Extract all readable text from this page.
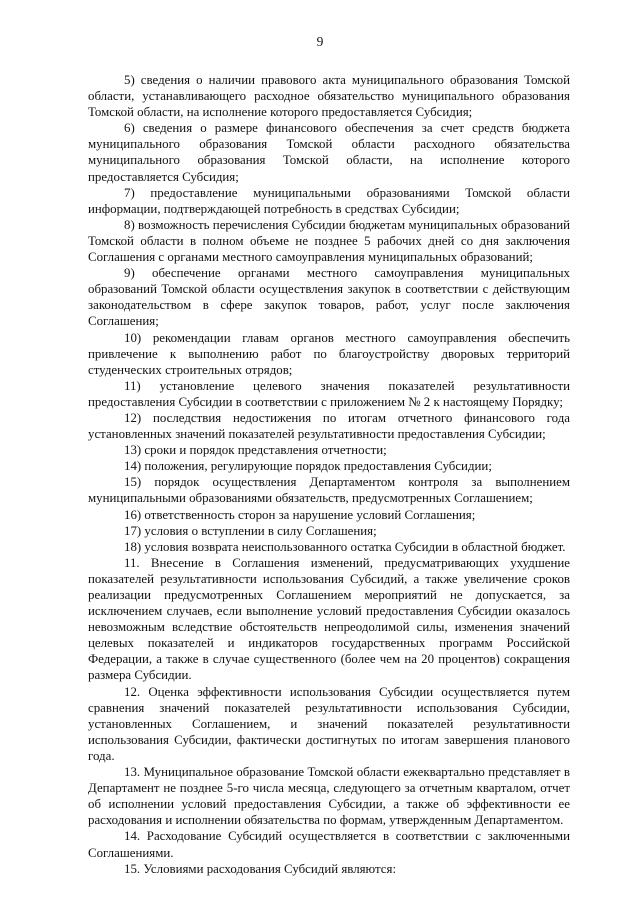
9

5) сведения о наличии правового акта муниципального образования Томской области, устанавливающего расходное обязательство муниципального образования Томской области, на исполнение которого предоставляется Субсидия;

6) сведения о размере финансового обеспечения за счет средств бюджета муниципального образования Томской области расходного обязательства муниципального образования Томской области, на исполнение которого предоставляется Субсидия;

7) предоставление муниципальными образованиями Томской области информации, подтверждающей потребность в средствах Субсидии;

8) возможность перечисления Субсидии бюджетам муниципальных образований Томской области в полном объеме не позднее 5 рабочих дней со дня заключения Соглашения с органами местного самоуправления муниципальных образований;

9) обеспечение органами местного самоуправления муниципальных образований Томской области осуществления закупок в соответствии с действующим законодательством в сфере закупок товаров, работ, услуг после заключения Соглашения;

10) рекомендации главам органов местного самоуправления обеспечить привлечение к выполнению работ по благоустройству дворовых территорий студенческих строительных отрядов;

11) установление целевого значения показателей результативности предоставления Субсидии в соответствии с приложением № 2 к настоящему Порядку;

12) последствия недостижения по итогам отчетного финансового года установленных значений показателей результативности предоставления Субсидии;

13) сроки и порядок представления отчетности;

14) положения, регулирующие порядок предоставления Субсидии;

15) порядок осуществления Департаментом контроля за выполнением муниципальными образованиями обязательств, предусмотренных Соглашением;

16) ответственность сторон за нарушение условий Соглашения;

17) условия о вступлении в силу Соглашения;

18) условия возврата неиспользованного остатка Субсидии в областной бюджет.

11. Внесение в Соглашения изменений, предусматривающих ухудшение показателей результативности использования Субсидий, а также увеличение сроков реализации предусмотренных Соглашением мероприятий не допускается, за исключением случаев, если выполнение условий предоставления Субсидии оказалось невозможным вследствие обстоятельств непреодолимой силы, изменения значений целевых показателей и индикаторов государственных программ Российской Федерации, а также в случае существенного (более чем на 20 процентов) сокращения размера Субсидии.

12. Оценка эффективности использования Субсидии осуществляется путем сравнения значений показателей результативности использования Субсидии, установленных Соглашением, и значений показателей результативности использования Субсидии, фактически достигнутых по итогам завершения планового года.

13. Муниципальное образование Томской области ежеквартально представляет в Департамент не позднее 5-го числа месяца, следующего за отчетным кварталом, отчет об исполнении условий предоставления Субсидии, а также об эффективности ее расходования и исполнении обязательства по формам, утвержденным Департаментом.

14. Расходование Субсидий осуществляется в соответствии с заключенными Соглашениями.

15. Условиями расходования Субсидий являются:
